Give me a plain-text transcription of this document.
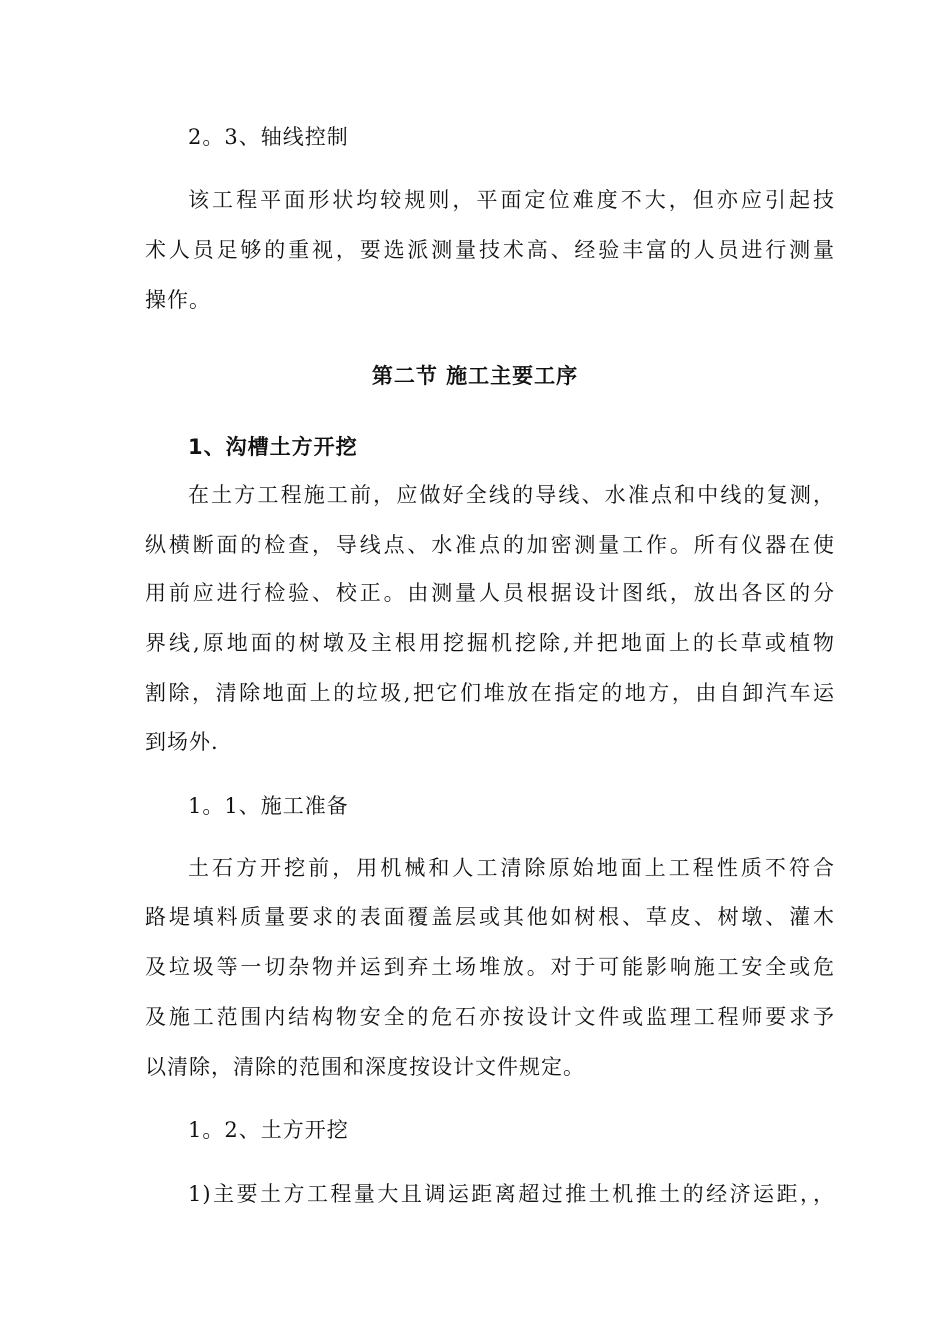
2。3、轴线控制
该工程平面形状均较规则，平面定位难度不大，但亦应引起技
术人员足够的重视，要选派测量技术高、经验丰富的人员进行测量
操作。
第二节 施工主要工序
1、沟槽土方开挖
在土方工程施工前，应做好全线的导线、水准点和中线的复测，
纵横断面的检查，导线点、水准点的加密测量工作。所有仪器在使
用前应进行检验、校正。由测量人员根据设计图纸，放出各区的分
界线,原地面的树墩及主根用挖掘机挖除,并把地面上的长草或植物
割除，清除地面上的垃圾,把它们堆放在指定的地方，由自卸汽车运
到场外.
1。1、施工准备
土石方开挖前，用机械和人工清除原始地面上工程性质不符合
路堤填料质量要求的表面覆盖层或其他如树根、草皮、树墩、灌木
及垃圾等一切杂物并运到弃土场堆放。对于可能影响施工安全或危
及施工范围内结构物安全的危石亦按设计文件或监理工程师要求予
以清除，清除的范围和深度按设计文件规定。
1。2、土方开挖
1)主要土方工程量大且调运距离超过推土机推土的经济运距，，
